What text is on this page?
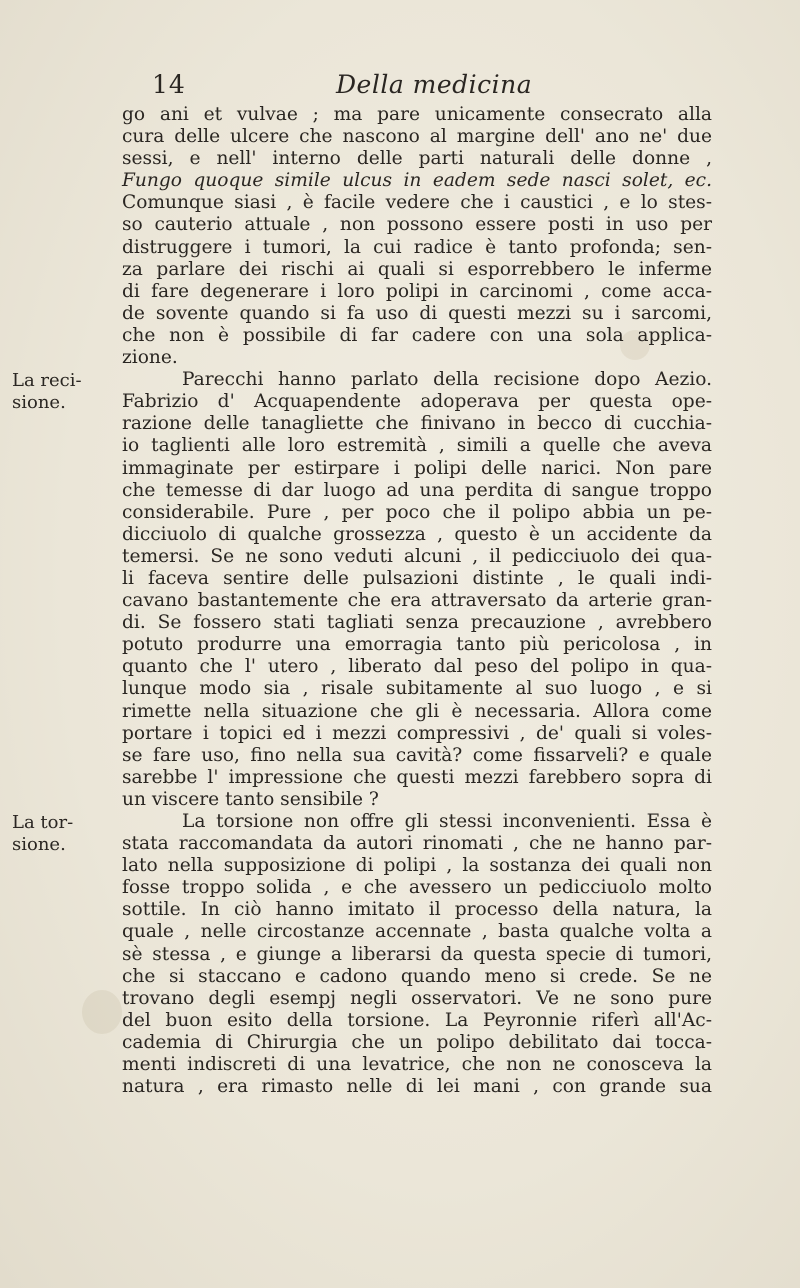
14	Della medicina
La reci-
sione.
La tor-
sione.
go ani et vulvae ; ma pare unicamente consecrato alla
cura delle ulcere che nascono al margine dell' ano ne' due
sessi, e nell' interno delle parti naturali delle donne ,
Fungo quoque simile ulcus in eadem sede nasci solet, ec.
Comunque siasi , è facile vedere che i caustici , e lo stes-
so cauterio attuale , non possono essere posti in uso per
distruggere i tumori, la cui radice è tanto profonda; sen-
za parlare dei rischi ai quali si esporrebbero le inferme
di fare degenerare i loro polipi in carcinomi , come acca-
de sovente quando si fa uso di questi mezzi su i sarcomi,
che non è possibile di far cadere con una sola applica-
zione.
Parecchi hanno parlato della recisione dopo Aezio.
Fabrizio d' Acquapendente adoperava per questa ope-
razione delle tanagliette che finivano in becco di cucchia-
io taglienti alle loro estremità , simili a quelle che aveva
immaginate per estirpare i polipi delle narici. Non pare
che temesse di dar luogo ad una perdita di sangue troppo
considerabile. Pure , per poco che il polipo abbia un pe-
dicciuolo di qualche grossezza , questo è un accidente da
temersi. Se ne sono veduti alcuni , il pedicciuolo dei qua-
li faceva sentire delle pulsazioni distinte , le quali indi-
cavano bastantemente che era attraversato da arterie gran-
di. Se fossero stati tagliati senza precauzione , avrebbero
potuto produrre una emorragia tanto più pericolosa , in
quanto che l' utero , liberato dal peso del polipo in qua-
lunque modo sia , risale subitamente al suo luogo , e si
rimette nella situazione che gli è necessaria. Allora come
portare i topici ed i mezzi compressivi , de' quali si voles-
se fare uso, fino nella sua cavità? come fissarveli? e quale
sarebbe l' impressione che questi mezzi farebbero sopra di
un viscere tanto sensibile ?
La torsione non offre gli stessi inconvenienti. Essa è
stata raccomandata da autori rinomati , che ne hanno par-
lato nella supposizione di polipi , la sostanza dei quali non
fosse troppo solida , e che avessero un pedicciuolo molto
sottile. In ciò hanno imitato il processo della natura, la
quale , nelle circostanze accennate , basta qualche volta a
sè stessa , e giunge a liberarsi da questa specie di tumori,
che si staccano e cadono quando meno si crede. Se ne
trovano degli esempj negli osservatori. Ve ne sono pure
del buon esito della torsione. La Peyronnie riferì all'Ac-
cademia di Chirurgia che un polipo debilitato dai tocca-
menti indiscreti di una levatrice, che non ne conosceva la
natura , era rimasto nelle di lei mani , con grande sua
